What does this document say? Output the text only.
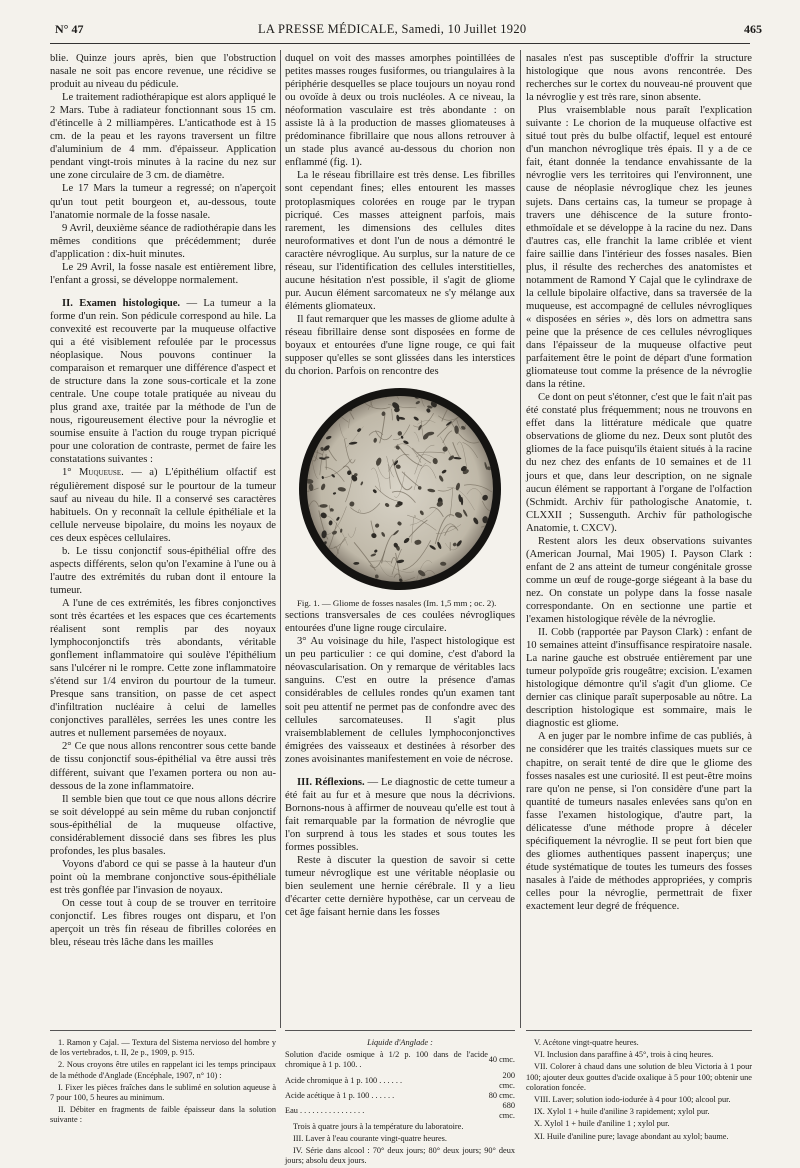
N° 47	LA PRESSE MÉDICALE, Samedi, 10 Juillet 1920	465

blie. Quinze jours après, bien que l'obstruction nasale ne soit pas encore revenue, une récidive se produit au niveau du pédicule.

Le traitement radiothérapique est alors appliqué le 2 Mars. Tube à radiateur fonctionnant sous 15 cm. d'étincelle à 2 milliampères. L'anticathode est à 15 cm. de la peau et les rayons traversent un filtre d'aluminium de 4 mm. d'épaisseur. Application pendant vingt-trois minutes à la racine du nez sur une zone circulaire de 3 cm. de diamètre.

Le 17 Mars la tumeur a regressé; on n'aperçoit qu'un tout petit bourgeon et, au-dessous, toute l'anatomie normale de la fosse nasale.

9 Avril, deuxième séance de radiothérapie dans les mêmes conditions que précédemment; durée d'application : dix-huit minutes.

Le 29 Avril, la fosse nasale est entièrement libre, l'enfant a grossi, se développe normalement.

II. Examen histologique. — La tumeur a la forme d'un rein. Son pédicule correspond au hile. La convexité est recouverte par la muqueuse olfactive qui a été visiblement refoulée par le processus néoplasique. Nous pouvons continuer la comparaison et remarquer une différence d'aspect et de structure dans la zone sous-corticale et la zone centrale. Une coupe totale pratiquée au niveau du plus grand axe, traitée par la méthode de l'un de nous, rigoureusement élective pour la névroglie et soumise ensuite à l'action du rouge trypan picriqué pour une coloration de contraste, permet de faire les constatations suivantes :

1° Muqueuse. — a) L'épithélium olfactif est régulièrement disposé sur le pourtour de la tumeur sauf au niveau du hile. Il a conservé ses caractères habituels. On y reconnaît la cellule épithéliale et la cellule nerveuse bipolaire, du moins les noyaux de ces deux espèces cellulaires.

b. Le tissu conjonctif sous-épithélial offre des aspects différents, selon qu'on l'examine à l'une ou à l'autre des extrémités du ruban dont il entoure la tumeur.

A l'une de ces extrémités, les fibres conjonctives sont très écartées et les espaces que ces écartements réalisent sont remplis par des noyaux lymphoconjonctifs très abondants, véritable gonflement inflammatoire qui soulève l'épithélium sans l'ulcérer ni le rompre. Cette zone inflammatoire s'étend sur 1/4 environ du pourtour de la tumeur. Presque sans transition, on passe de cet aspect d'infiltration nucléaire à celui de lamelles conjonctives parallèles, serrées les unes contre les autres et nullement parsemées de noyaux.

2° Ce que nous allons rencontrer sous cette bande de tissu conjonctif sous-épithélial va être aussi très différent, suivant que l'examen portera ou non au-dessous de la zone inflammatoire.

Il semble bien que tout ce que nous allons décrire se soit développé au sein même du ruban conjonctif sous-épithélial de la muqueuse olfactive, considérablement dissocié dans ses fibres les plus profondes, les plus basales.

Voyons d'abord ce qui se passe à la hauteur d'un point où la membrane conjonctive sous-épithéliale est très gonflée par l'invasion de noyaux.

On cesse tout à coup de se trouver en territoire conjonctif. Les fibres rouges ont disparu, et l'on aperçoit un très fin réseau de fibrilles colorées en bleu, réseau très lâche dans les mailles

duquel on voit des masses amorphes pointillées de petites masses rouges fusiformes, ou triangulaires à la périphérie desquelles se place toujours un noyau rond ou ovoïde à deux ou trois nucléoles. A ce niveau, la néoformation vasculaire est très abondante : on assiste là à la production de masses gliomateuses à prédominance fibrillaire que nous allons retrouver à un stade plus avancé au-dessous du chorion non enflammé (fig. 1).

La le réseau fibrillaire est très dense. Les fibrilles sont cependant fines; elles entourent les masses protoplasmiques colorées en rouge par le trypan picriqué. Ces masses atteignent parfois, mais rarement, les dimensions des cellules dites neuroformatives et dont l'un de nous a démontré le caractère névroglique. Au surplus, sur la nature de ce réseau, sur l'identification des cellules interstitielles, aucune hésitation n'est possible, il s'agit de gliome pur. Aucun élément sarcomateux ne s'y mélange aux éléments gliomateux.

Il faut remarquer que les masses de gliome adulte à réseau fibrillaire dense sont disposées en forme de boyaux et entourées d'une ligne rouge, ce qui fait supposer qu'elles se sont glissées dans les interstices du chorion. Parfois on rencontre des

Fig. 1. — Gliome de fosses nasales (Im. 1,5 mm ; oc. 2).

sections transversales de ces coulées névrogliques entourées d'une ligne rouge circulaire.

3° Au voisinage du hile, l'aspect histologique est un peu particulier : ce qui domine, c'est d'abord la néovascularisation. On y remarque de véritables lacs sanguins. C'est en outre la présence d'amas considérables de cellules rondes qu'un examen tant soit peu attentif ne permet pas de confondre avec des cellules sarcomateuses. Il s'agit plus vraisemblablement de cellules lymphoconjonctives émigrées des vaisseaux et destinées à résorber des zones avoisinantes manifestement en voie de nécrose.

III. Réflexions. — Le diagnostic de cette tumeur a été fait au fur et à mesure que nous la décrivions. Bornons-nous à affirmer de nouveau qu'elle est tout à fait remarquable par la formation de névroglie que l'on surprend à tous les stades et sous toutes les formes possibles.

Reste à discuter la question de savoir si cette tumeur névroglique est une véritable néoplasie ou bien seulement une hernie cérébrale. Il y a lieu d'écarter cette dernière hypothèse, car un cerveau de cet âge faisant hernie dans les fosses

nasales n'est pas susceptible d'offrir la structure histologique que nous avons rencontrée. Des recherches sur le cortex du nouveau-né prouvent que la névroglie y est très rare, sinon absente.

Plus vraisemblable nous paraît l'explication suivante : Le chorion de la muqueuse olfactive est situé tout près du bulbe olfactif, lequel est entouré d'un manchon névroglique très épais. Il y a de ce fait, étant donnée la tendance envahissante de la névroglie vers les territoires qui l'environnent, une cause de néoplasie névroglique chez les jeunes sujets. Dans certains cas, la tumeur se propage à travers une déhiscence de la suture fronto-ethmoïdale et se développe à la racine du nez. Dans d'autres cas, elle franchit la lame criblée et vient faire saillie dans l'intérieur des fosses nasales. Bien plus, il résulte des recherches des anatomistes et notamment de Ramond Y Cajal que le cylindraxe de la cellule bipolaire olfactive, dans sa traversée de la muqueuse, est accompagné de cellules névrogliques « disposées en séries », dès lors on admettra sans peine que la présence de ces cellules névrogliques dans l'épaisseur de la muqueuse olfactive peut parfaitement être le point de départ d'une formation gliomateuse tout comme la présence de la névroglie dans la rétine.

Ce dont on peut s'étonner, c'est que le fait n'ait pas été constaté plus fréquemment; nous ne trouvons en effet dans la littérature médicale que quatre observations de gliome du nez. Deux sont plutôt des gliomes de la face puisqu'ils étaient situés à la racine du nez chez des enfants de 10 semaines et de 11 jours et que, dans leur description, on ne signale aucun élément se rapportant à l'organe de l'olfaction (Schmidt. Archiv für pathologische Anatomie, t. CLXXII ; Sussenguth. Archiv für pathologische Anatomie, t. CXCV).

Restent alors les deux observations suivantes (American Journal, Mai 1905) I. Payson Clark : enfant de 2 ans atteint de tumeur congénitale grosse comme un œuf de rouge-gorge siégeant à la base du nez. On constate un polype dans la fosse nasale correspondante. On en sectionne une partie et l'examen histologique révèle de la névroglie.

II. Cobb (rapportée par Payson Clark) : enfant de 10 semaines atteint d'insuffisance respiratoire nasale. La narine gauche est obstruée entièrement par une tumeur polypoïde gris rougeâtre; excision. L'examen histologique démontre qu'il s'agit d'un gliome. Ce dernier cas clinique paraît superposable au nôtre. La description histologique est sommaire, mais le diagnostic est gliome.

A en juger par le nombre infime de cas publiés, à ne considérer que les traités classiques muets sur ce chapitre, on serait tenté de dire que le gliome des fosses nasales est une curiosité. Il est peut-être moins rare qu'on ne pense, si l'on considère d'une part la quantité de tumeurs nasales enlevées sans qu'on en fasse l'examen histologique, d'autre part, la délicatesse d'une méthode propre à déceler spécifiquement la névroglie. Il se peut fort bien que des gliomes authentiques passent inaperçus; une étude systématique de toutes les tumeurs des fosses nasales à l'aide de méthodes appropriées, y compris celles pour la névroglie, permettrait de fixer exactement leur degré de fréquence.

1. Ramon y Cajal. — Textura del Sistema nervioso del hombre y de los vertebrados, t. II, 2e p., 1909, p. 915.

2. Nous croyons être utiles en rappelant ici les temps principaux de la méthode d'Anglade (Encéphale, 1907, n° 10) :

I. Fixer les pièces fraîches dans le sublimé en solution aqueuse à 7 pour 100, 5 heures au minimum.

II. Débiter en fragments de faible épaisseur dans la solution suivante :

Liquide d'Anglade :

Solution d'acide osmique à 1/2 p. 100 dans de l'acide chromique à 1 p. 100. .	40 cmc.
Acide chromique à 1 p. 100 . . . . . .	200 cmc.
Acide acétique à 1 p. 100 . . . . . .	80 cmc.
Eau . . . . . . . . . . . . . . . .	680 cmc.

Trois à quatre jours à la température du laboratoire.

III. Laver à l'eau courante vingt-quatre heures.

IV. Série dans alcool : 70° deux jours; 80° deux jours; 90° deux jours; absolu deux jours.

V. Acétone vingt-quatre heures.

VI. Inclusion dans paraffine à 45°, trois à cinq heures.

VII. Colorer à chaud dans une solution de bleu Victoria à 1 pour 100; ajouter deux gouttes d'acide oxalique à 5 pour 100; obtenir une coloration foncée.

VIII. Laver; solution iodo-iodurée à 4 pour 100; alcool pur.

IX. Xylol 1 + huile d'aniline 3 rapidement; xylol pur.

X. Xylol 1 + huile d'aniline 1 ; xylol pur.

XI. Huile d'aniline pure; lavage abondant au xylol; baume.
